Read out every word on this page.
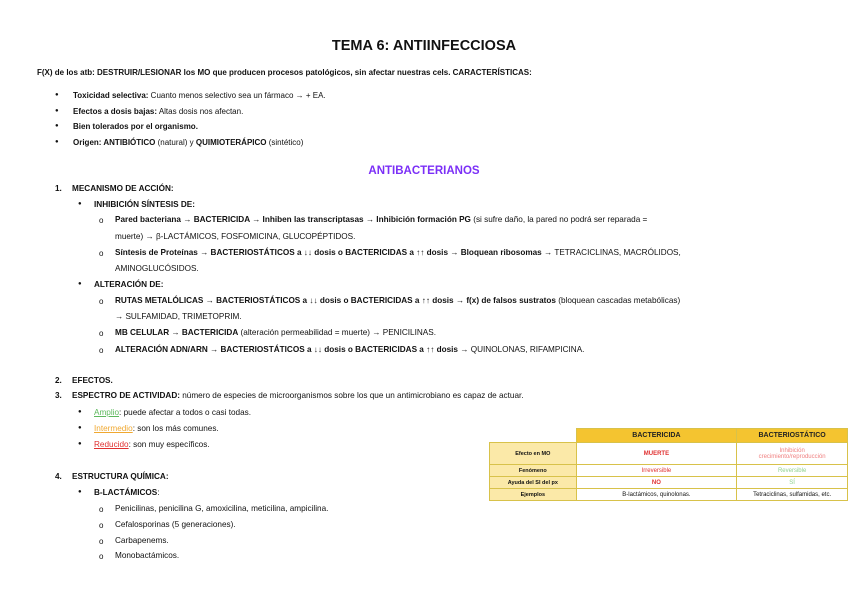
TEMA 6: ANTIINFECCIOSA
F(X) de los atb: DESTRUIR/LESIONAR los MO que producen procesos patológicos, sin afectar nuestras cels. CARACTERÍSTICAS:
● Toxicidad selectiva: Cuanto menos selectivo sea un fármaco → + EA.
● Efectos a dosis bajas: Altas dosis nos afectan.
● Bien tolerados por el organismo.
● Origen: ANTIBIÓTICO (natural) y QUIMIOTERÁPICO (sintético)
ANTIBACTERIANOS
1. MECANISMO DE ACCIÓN:
● INHIBICIÓN SÍNTESIS DE:
o Pared bacteriana → BACTERICIDA → Inhiben las transcriptasas → Inhibición formación PG (si sufre daño, la pared no podrá ser reparada =
muerte) → β-LACTÁMICOS, FOSFOMICINA, GLUCOPÉPTIDOS.
o Síntesis de Proteínas → BACTERIOSTÁTICOS a ↓↓ dosis o BACTERICIDAS a ↑↑ dosis → Bloquean ribosomas → TETRACICLINAS, MACRÓLIDOS,
AMINOGLUCÓSIDOS.
● ALTERACIÓN DE:
o RUTAS METALÓLICAS → BACTERIOSTÁTICOS a ↓↓ dosis o BACTERICIDAS a ↑↑ dosis → f(x) de falsos sustratos (bloquean cascadas metabólicas)
→ SULFAMIDAD, TRIMETOPRIM.
o MB CELULAR → BACTERICIDA (alteración permeabilidad = muerte) → PENICILINAS.
o ALTERACIÓN ADN/ARN → BACTERIOSTÁTICOS a ↓↓ dosis o BACTERICIDAS a ↑↑ dosis → QUINOLONAS, RIFAMPICINA.
2. EFECTOS.
3. ESPECTRO DE ACTIVIDAD: número de especies de microorganismos sobre los que un antimicrobiano es capaz de actuar.
● Amplio: puede afectar a todos o casi todas.
● Intermedio: son los más comunes.
● Reducido: son muy específicos.
4. ESTRUCTURA QUÍMICA:
● B-LACTÁMICOS:
o Penicilinas, penicilina G, amoxicilina, meticilina, ampicilina.
o Cefalosporinas (5 generaciones).
o Carbapenems.
o Monobactámicos.
	BACTERICIDA	BACTERIOSTÁTICO
Efecto en MO	MUERTE	Inhibición
crecimiento/reproducción

Fenómeno	Irreversible	Reversible
Ayuda del SI del px	NO	SÍ
Ejemplos	B-lactámicos, quinolonas.	Tetraciclinas, sulfamidas, etc.
